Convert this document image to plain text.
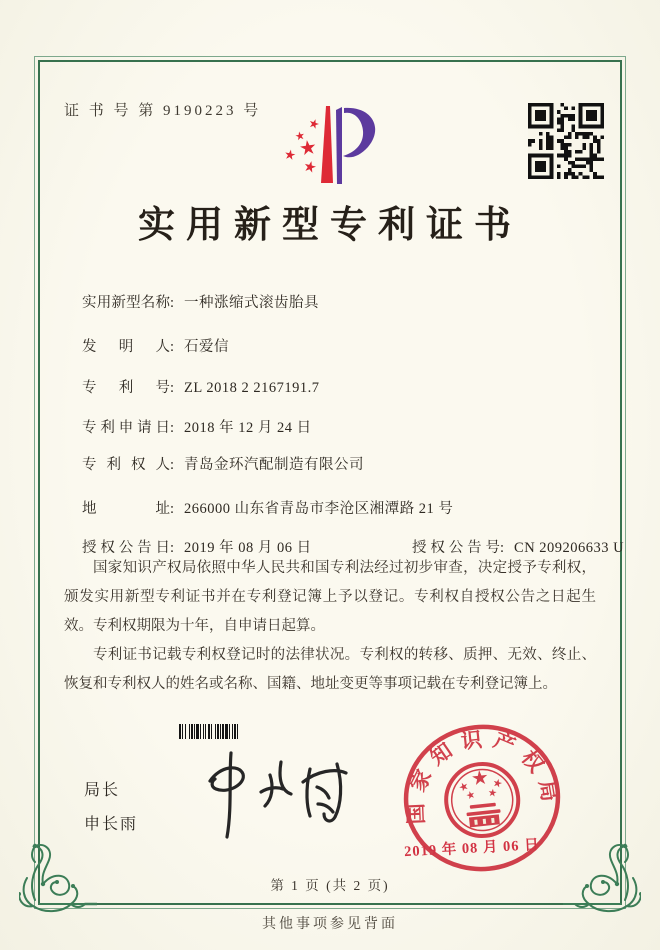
证 书 号 第 9190223 号
实用新型专利证书
实用新型名称: 一种涨缩式滚齿胎具
发明人: 石爱信
专利号: ZL 2018 2 2167191.7
专利申请日: 2018 年 12 月 24 日
专利权人: 青岛金环汽配制造有限公司
地址: 266000 山东省青岛市李沧区湘潭路 21 号
授权公告日: 2019 年 08 月 06 日	授权公告号: CN 209206633 U

国家知识产权局依照中华人民共和国专利法经过初步审查，决定授予专利权，颁发实用新型专利证书并在专利登记簿上予以登记。专利权自授权公告之日起生效。专利权期限为十年，自申请日起算。

专利证书记载专利权登记时的法律状况。专利权的转移、质押、无效、终止、恢复和专利权人的姓名或名称、国籍、地址变更等事项记载在专利登记簿上。

局长
申长雨	国家知识产权局
2019 年 08 月 06 日
第 1 页 (共 2 页)
其他事项参见背面
